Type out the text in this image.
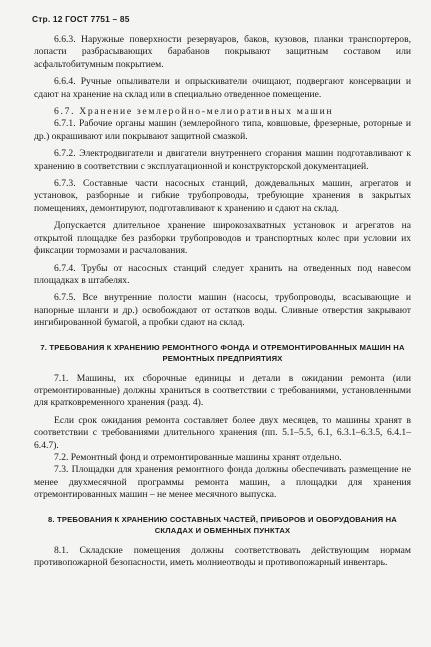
Стр. 12 ГОСТ 7751 – 85

6.6.3. Наружные поверхности резервуаров, баков, кузовов, планки транспортеров, лопасти разбрасывающих барабанов покрывают защитным составом или асфальтобитумным покрытием.

6.6.4. Ручные опыливатели и опрыскиватели очищают, подвергают консервации и сдают на хранение на склад или в специально отведенное помещение.

6.7. Хранение землеройно-мелиоративных машин

6.7.1. Рабочие органы машин (землеройного типа, ковшовые, фрезерные, роторные и др.) окрашивают или покрывают защитной смазкой.

6.7.2. Электродвигатели и двигатели внутреннего сгорания машин подготавливают к хранению в соответствии с эксплуатационной и конструкторской документацией.

6.7.3. Составные части насосных станций, дождевальных машин, агрегатов и установок, разборные и гибкие трубопроводы, требующие хранения в закрытых помещениях, демонтируют, подготавливают к хранению и сдают на склад.

Допускается длительное хранение широкозахватных установок и агрегатов на открытой площадке без разборки трубопроводов и транспортных колес при условии их фиксации тормозами и расчалования.

6.7.4. Трубы от насосных станций следует хранить на отведенных под навесом площадках в штабелях.

6.7.5. Все внутренние полости машин (насосы, трубопроводы, всасывающие и напорные шланги и др.) освобождают от остатков воды. Сливные отверстия закрывают ингибированной бумагой, а пробки сдают на склад.

7. ТРЕБОВАНИЯ К ХРАНЕНИЮ РЕМОНТНОГО ФОНДА И ОТРЕМОНТИРОВАННЫХ МАШИН НА РЕМОНТНЫХ ПРЕДПРИЯТИЯХ

7.1. Машины, их сборочные единицы и детали в ожидании ремонта (или отремонтированные) должны храниться в соответствии с требованиями, установленными для кратковременного хранения (разд. 4).

Если срок ожидания ремонта составляет более двух месяцев, то машины хранят в соответствии с требованиями длительного хранения (пп. 5.1–5.5, 6.1, 6.3.1–6.3.5, 6.4.1–6.4.7).

7.2. Ремонтный фонд и отремонтированные машины хранят отдельно.

7.3. Площадки для хранения ремонтного фонда должны обеспечивать размещение не менее двухмесячной программы ремонта машин, а площадки для хранения отремонтированных машин – не менее месячного выпуска.

8. ТРЕБОВАНИЯ К ХРАНЕНИЮ СОСТАВНЫХ ЧАСТЕЙ, ПРИБОРОВ И ОБОРУДОВАНИЯ НА СКЛАДАХ И ОБМЕННЫХ ПУНКТАХ

8.1. Складские помещения должны соответствовать действующим нормам противопожарной безопасности, иметь молниеотводы и противопожарный инвентарь.
